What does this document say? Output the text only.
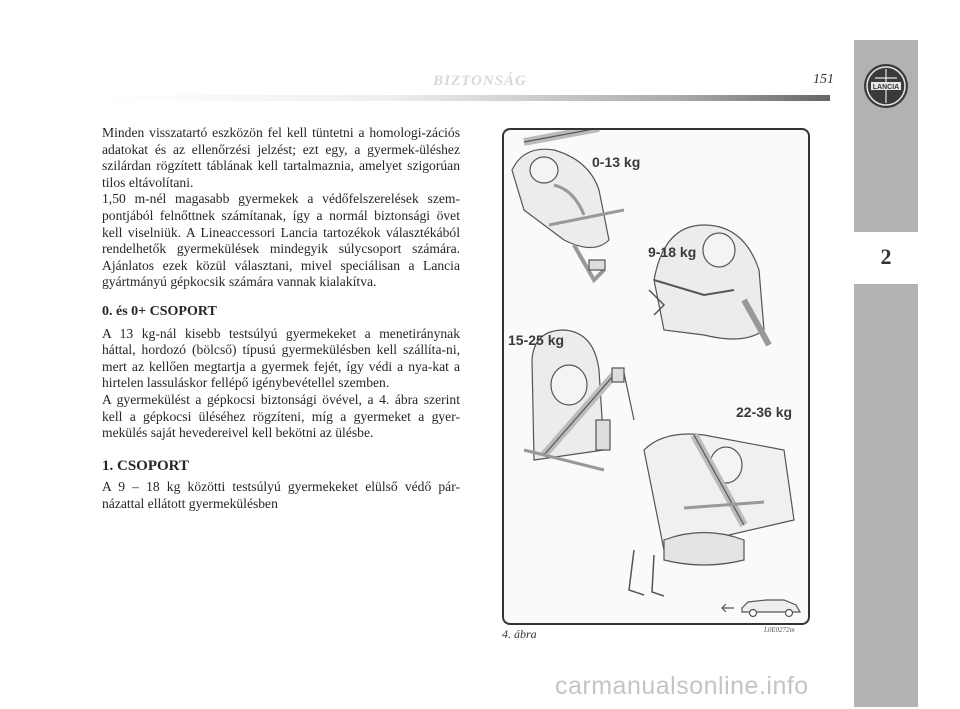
BIZTONSÁG	151
2
LANCIA

Minden visszatartó eszközön fel kell tüntetni a homologi-zációs adatokat és az ellenőrzési jelzést; ezt egy, a gyermek-üléshez szilárdan rögzített táblának kell tartalmaznia, amelyet szigorúan tilos eltávolítani.

1,50 m-nél magasabb gyermekek a védőfelszerelések szem-pontjából felnőttnek számítanak, így a normál biztonsági övet kell viselniük. A Lineaccessori Lancia tartozékok választékából rendelhetők gyermekülések mindegyik súlycsoport számára. Ajánlatos ezek közül választani, mivel speciálisan a Lancia gyártmányú gépkocsik számára vannak kialakítva.

0. és 0+ CSOPORT

A 13 kg-nál kisebb testsúlyú gyermekeket a menetiránynak háttal, hordozó (bölcső) típusú gyermekülésben kell szállíta-ni, mert az kellően megtartja a gyermek fejét, így védi a nya-kat a hirtelen lassuláskor fellépő igénybevétellel szemben.

A gyermekülést a gépkocsi biztonsági övével, a 4. ábra szerint kell a gépkocsi üléséhez rögzíteni, míg a gyermeket a gyer-mekülés saját hevedereivel kell bekötni az ülésbe.

1. CSOPORT

A 9 – 18 kg közötti testsúlyú gyermekeket elülső védő pár-názattal ellátott gyermekülésben

0-13 kg
9-18 kg
15-25 kg
22-36 kg
L0E0272m
4. ábra
carmanualsonline.info
